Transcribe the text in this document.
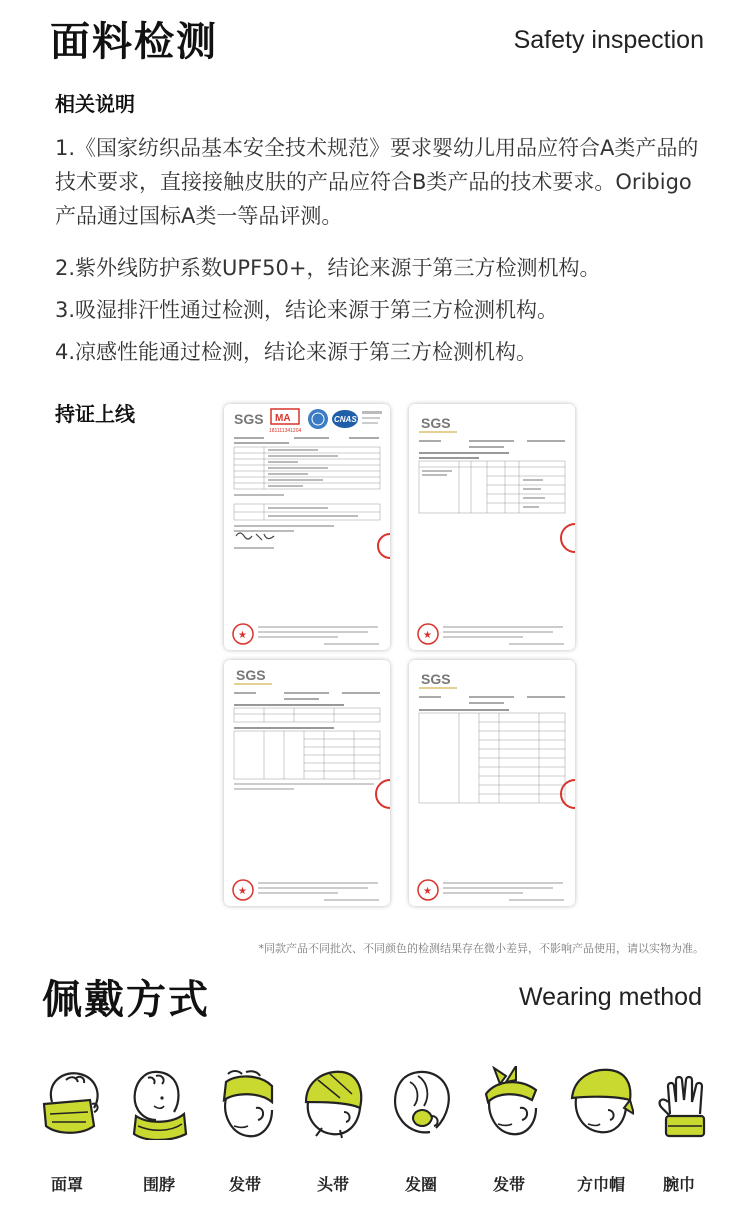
面料检测	Safety inspection
相关说明
1.《国家纺织品基本安全技术规范》要求婴幼儿用品应符合A类产品的技术要求，直接接触皮肤的产品应符合B类产品的技术要求。Oribigo产品通过国标A类一等品评测。
2.紫外线防护系数UPF50+，结论来源于第三方检测机构。
3.吸湿排汗性通过检测，结论来源于第三方检测机构。
4.凉感性能通过检测，结论来源于第三方检测机构。
持证上线	SGS MA
181111341204
CNAS
★
SGS
★
SGS
★
SGS
★
*同款产品不同批次、不同颜色的检测结果存在微小差异，不影响产品使用，请以实物为准。
佩戴方式	Wearing method
面罩	围脖	发带	头带	发圈	发带	方巾帽	腕巾
